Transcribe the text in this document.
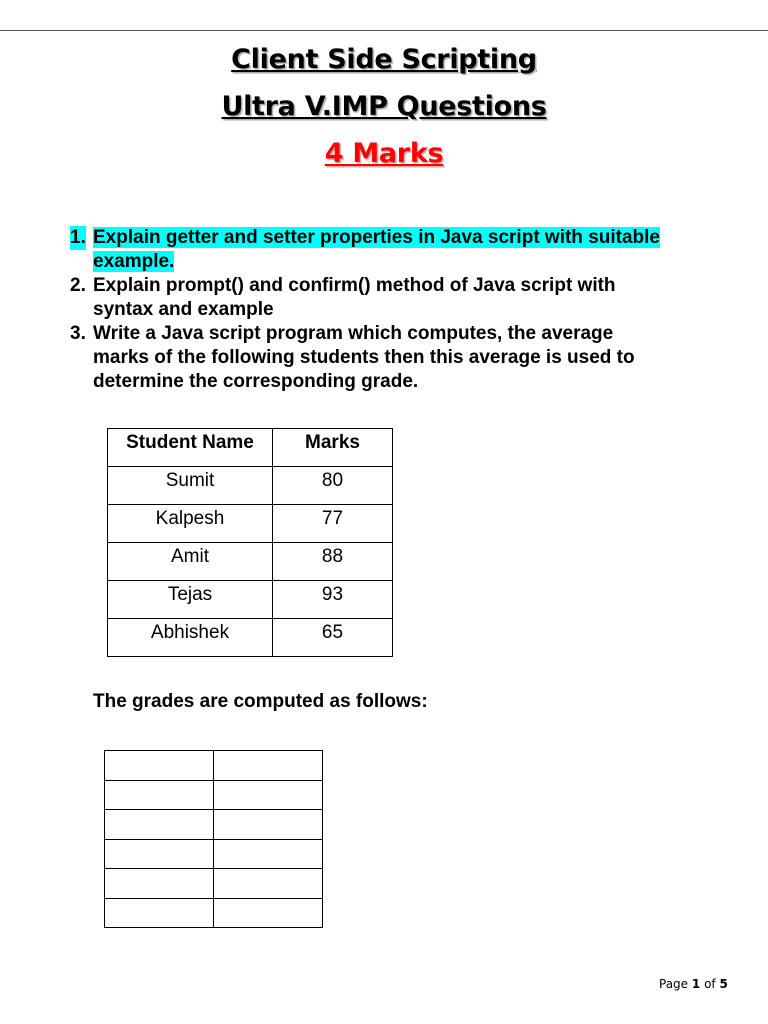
Client Side Scripting
Ultra V.IMP Questions
4 Marks
1. Explain getter and setter properties in Java script with suitable
example.
2. Explain prompt() and confirm() method of Java script with
syntax and example
3. Write a Java script program which computes, the average
marks of the following students then this average is used to
determine the corresponding grade.
Student Name	Marks
Sumit	80
Kalpesh	77
Amit	88
Tejas	93
Abhishek	65
The grades are computed as follows:

Page 1 of 5
